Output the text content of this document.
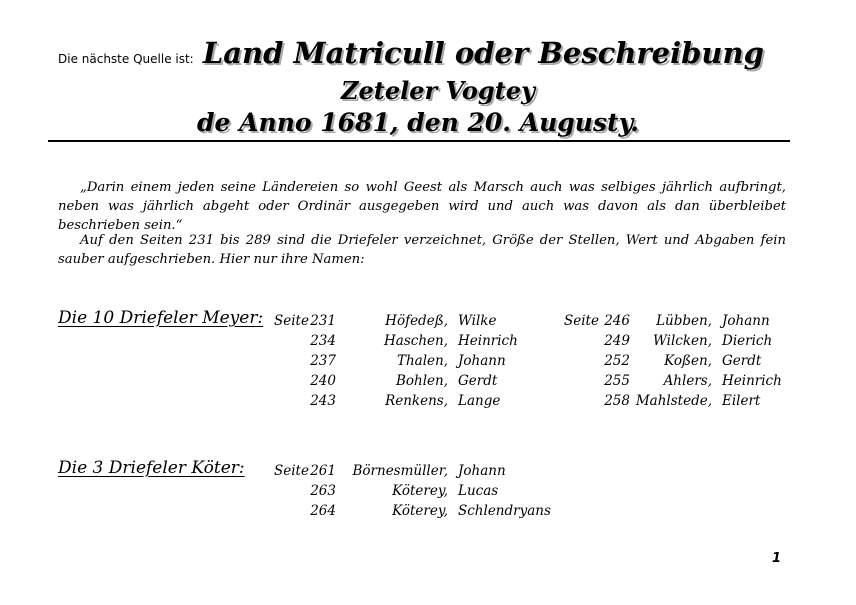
Die nächste Quelle ist: Land Matricull oder Beschreibung
Zeteler Vogtey
de Anno 1681, den 20. Augusty.

„Darin einem jeden seine Ländereien so wohl Geest als Marsch auch was selbiges jährlich aufbringt, neben was jährlich abgeht oder Ordinär ausgegeben wird und auch was davon als dan überbleibet beschrieben sein.“

Auf den Seiten 231 bis 289 sind die Driefeler verzeichnet, Größe der Stellen, Wert und Abgaben fein sauber aufgeschrieben. Hier nur ihre Namen:

Die 10 Driefeler Meyer:
Die 3 Driefeler Köter:
Seite 231	Höfedeß, Wilke
234	Haschen, Heinrich
237	Thalen, Johann
240	Bohlen, Gerdt
243	Renkens, Lange
Seite 246 Lübben, Johann
249 Wilcken, Dierich
252	Koßen, Gerdt
255 Ahlers, Heinrich
258 Mahlstede, Eilert
Seite 261 Börnesmüller, Johann
263	Köterey, Lucas
264	Köterey, Schlendryans
1
